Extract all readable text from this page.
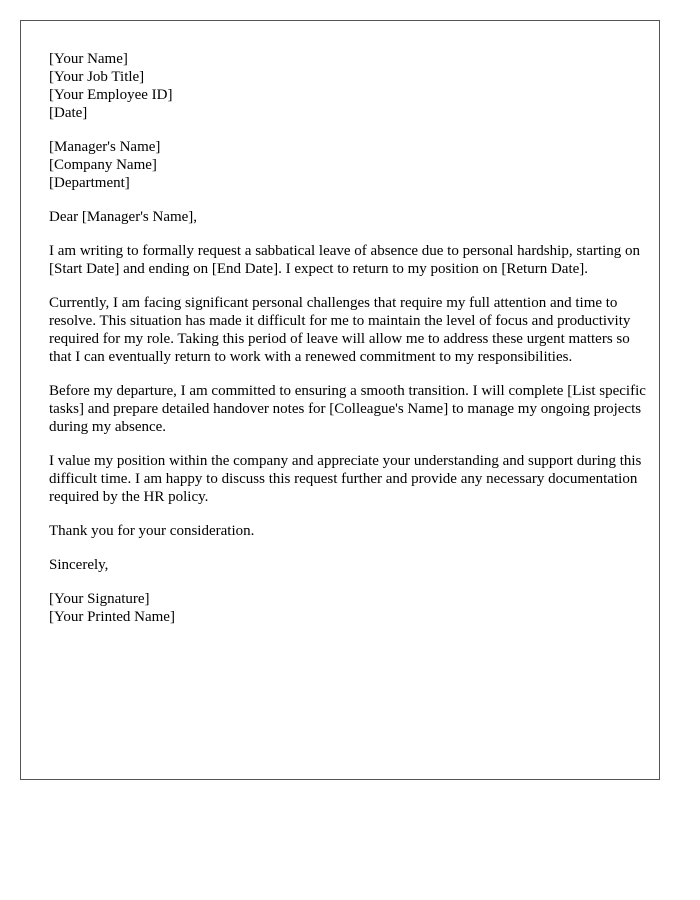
[Your Name]
[Your Job Title]
[Your Employee ID]
[Date]
[Manager's Name]
[Company Name]
[Department]

Dear [Manager's Name],

I am writing to formally request a sabbatical leave of absence due to personal hardship, starting on [Start Date] and ending on [End Date]. I expect to return to my position on [Return Date].

Currently, I am facing significant personal challenges that require my full attention and time to resolve. This situation has made it difficult for me to maintain the level of focus and productivity required for my role. Taking this period of leave will allow me to address these urgent matters so that I can eventually return to work with a renewed commitment to my responsibilities.

Before my departure, I am committed to ensuring a smooth transition. I will complete [List specific tasks] and prepare detailed handover notes for [Colleague's Name] to manage my ongoing projects during my absence.

I value my position within the company and appreciate your understanding and support during this difficult time. I am happy to discuss this request further and provide any necessary documentation required by the HR policy.

Thank you for your consideration.

Sincerely,

[Your Signature]
[Your Printed Name]
